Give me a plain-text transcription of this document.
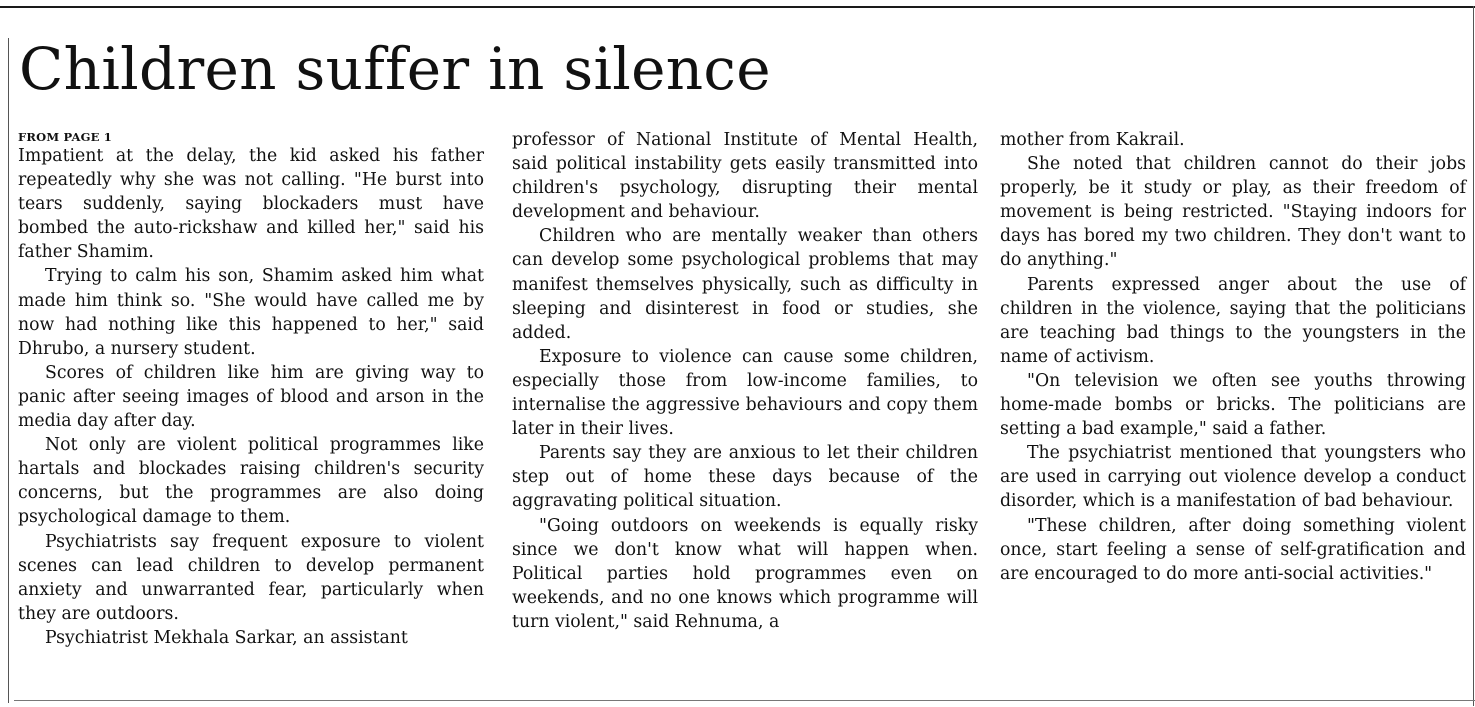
Children suffer in silence
FROM PAGE 1

Impatient at the delay, the kid asked his father repeatedly why she was not calling. "He burst into tears suddenly, saying blockaders must have bombed the auto-rickshaw and killed her," said his father Shamim.

Trying to calm his son, Shamim asked him what made him think so. "She would have called me by now had nothing like this happened to her," said Dhrubo, a nursery student.

Scores of children like him are giving way to panic after seeing images of blood and arson in the media day after day.

Not only are violent political programmes like hartals and blockades raising children's security concerns, but the programmes are also doing psychological damage to them.

Psychiatrists say frequent exposure to violent scenes can lead children to develop permanent anxiety and unwarranted fear, particularly when they are outdoors.

Psychiatrist Mekhala Sarkar, an assistant

professor of National Institute of Mental Health, said political instability gets easily transmitted into children's psychology, disrupting their mental development and behaviour.

Children who are mentally weaker than others can develop some psychological problems that may manifest themselves physically, such as difficulty in sleeping and disinterest in food or studies, she added.

Exposure to violence can cause some children, especially those from low-income families, to internalise the aggressive behaviours and copy them later in their lives.

Parents say they are anxious to let their children step out of home these days because of the aggravating political situation.

"Going outdoors on weekends is equally risky since we don't know what will happen when. Political parties hold programmes even on weekends, and no one knows which programme will turn violent," said Rehnuma, a

mother from Kakrail.

She noted that children cannot do their jobs properly, be it study or play, as their freedom of movement is being restricted. "Staying indoors for days has bored my two children. They don't want to do anything."

Parents expressed anger about the use of children in the violence, saying that the politicians are teaching bad things to the youngsters in the name of activism.

"On television we often see youths throwing home-made bombs or bricks. The politicians are setting a bad example," said a father.

The psychiatrist mentioned that youngsters who are used in carrying out violence develop a conduct disorder, which is a manifestation of bad behaviour.

"These children, after doing something violent once, start feeling a sense of self-gratification and are encouraged to do more anti-social activities."
